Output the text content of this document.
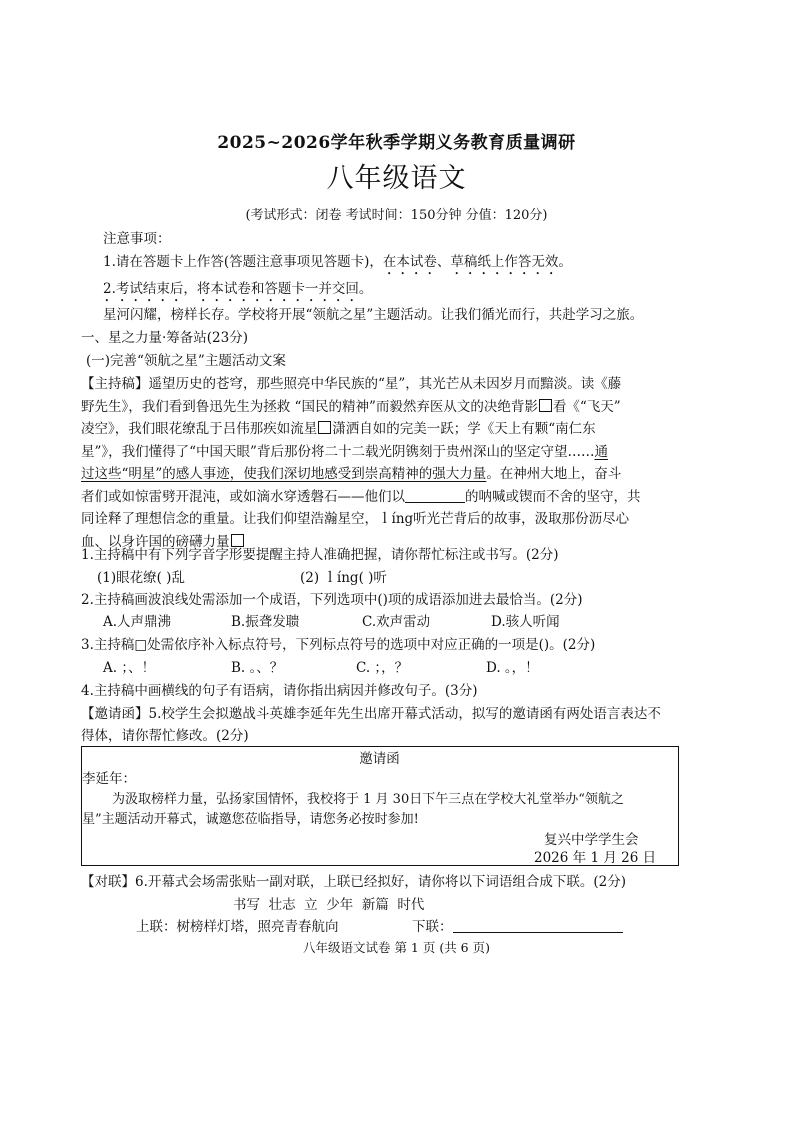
2025~2026学年秋季学期义务教育质量调研
八年级语文
(考试形式：闭卷 考试时间：150分钟 分值：120分)
注意事项：
1.请在答题卡上作答(答题注意事项见答题卡)，在本试卷、草稿纸上作答无效。
2.考试结束后，将本试卷和答题卡一并交回。
星河闪耀，榜样长存。学校将开展“领航之星”主题活动。让我们循光而行，共赴学习之旅。
一、星之力量·筹备站(23分)
(一)完善“领航之星”主题活动文案
【主持稿】遥望历史的苍穹，那些照亮中华民族的“星”，其光芒从未因岁月而黯淡。读《藤
野先生》，我们看到鲁迅先生为拯救 “国民的精神”而毅然弃医从文的决绝背影 看《“飞天”
凌空》，我们眼花缭乱于吕伟那疾如流星 潇洒自如的完美一跃；学《天上有颗“南仁东
星”》，我们懂得了“中国天眼”背后那份将二十二载光阴镌刻于贵州深山的坚定守望……通
过这些“明星”的感人事迹，使我们深切地感受到崇高精神的强大力量。在神州大地上，奋斗
者们或如惊雷劈开混沌，或如滴水穿透磐石——他们以	的呐喊或锲而不舍的坚守，共
同诠释了理想信念的重量。让我们仰望浩瀚星空，ｌíng听光芒背后的故事，汲取那份沥尽心
血、以身许国的磅礴力量
1.主持稿中有下列字音字形要提醒主持人准确把握，请你帮忙标注或书写。(2分)
(1)眼花缭( )乱	(2) ｌíng( )听
2.主持稿画波浪线处需添加一个成语，下列选项中()项的成语添加进去最恰当。(2分)
A.人声鼎沸	B.振聋发聩	C.欢声雷动	D.骇人听闻
3.主持稿□处需依序补入标点符号，下列标点符号的选项中对应正确的一项是()。(2分)
A. ；、！	B. 。、？	C. ；，？	D. 。，！
4.主持稿中画横线的句子有语病，请你指出病因并修改句子。(3分)
【邀请函】5.校学生会拟邀战斗英雄李延年先生出席开幕式活动，拟写的邀请函有两处语言表达不
得体，请你帮忙修改。(2分)
邀请函
李延年：
为汲取榜样力量，弘扬家国情怀，我校将于 1 月 30日下午三点在学校大礼堂举办“领航之
星”主题活动开幕式，诚邀您莅临指导，请您务必按时参加!
复兴中学学生会
2026 年 1 月 26 日
【对联】6.开幕式会场需张贴一副对联，上联已经拟好，请你将以下词语组合成下联。(2分)
书写  壮志  立  少年  新篇  时代
上联：树榜样灯塔，照亮青春航向	下联：
八年级语文试卷 第 1 页 (共 6 页)
